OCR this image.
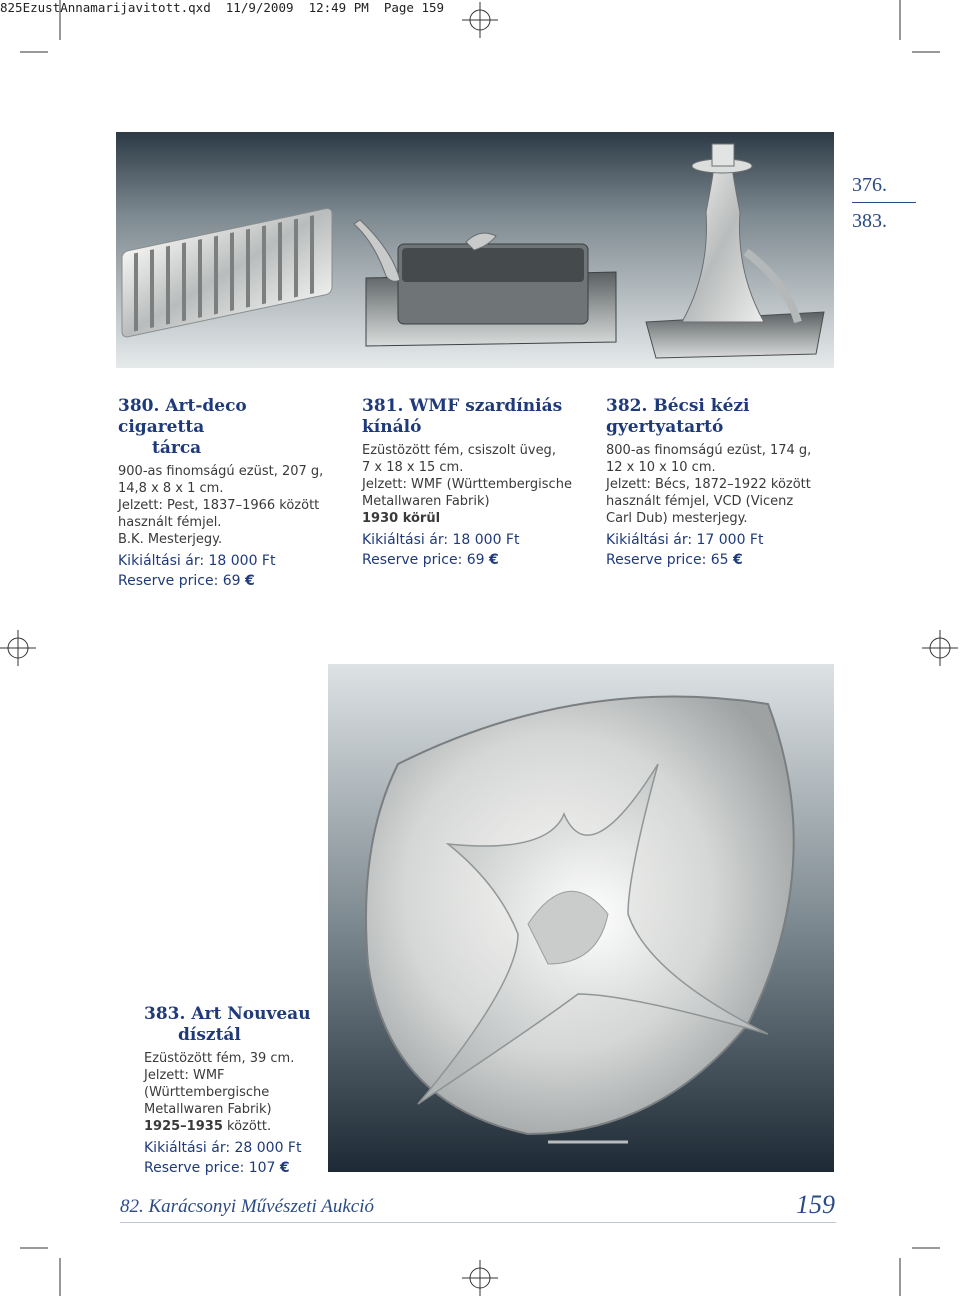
825EzustAnnamarijavitott.qxd 11/9/2009 12:49 PM Page 159
376.
383.
380. Art-deco cigaretta
tárca
900-as finomságú ezüst, 207 g,
14,8 x 8 x 1 cm.
Jelzett: Pest, 1837–1966 között
használt fémjel.
B.K. Mesterjegy.
Kikiáltási ár: 18 000 Ft
Reserve price: 69 €
381. WMF szardíniás kínáló
Ezüstözött fém, csiszolt üveg,
7 x 18 x 15 cm.
Jelzett: WMF (Württembergische
Metallwaren Fabrik)
1930 körül
Kikiáltási ár: 18 000 Ft
Reserve price: 69 €
382. Bécsi kézi gyertyatartó
800-as finomságú ezüst, 174 g,
12 x 10 x 10 cm.
Jelzett: Bécs, 1872–1922 között
használt fémjel, VCD (Vicenz
Carl Dub) mesterjegy.
Kikiáltási ár: 17 000 Ft
Reserve price: 65 €
383. Art Nouveau
dísztál
Ezüstözött fém, 39 cm.
Jelzett: WMF
(Württembergische
Metallwaren Fabrik)
1925–1935 között.
Kikiáltási ár: 28 000 Ft
Reserve price: 107 €
82. Karácsonyi Művészeti Aukció	159
